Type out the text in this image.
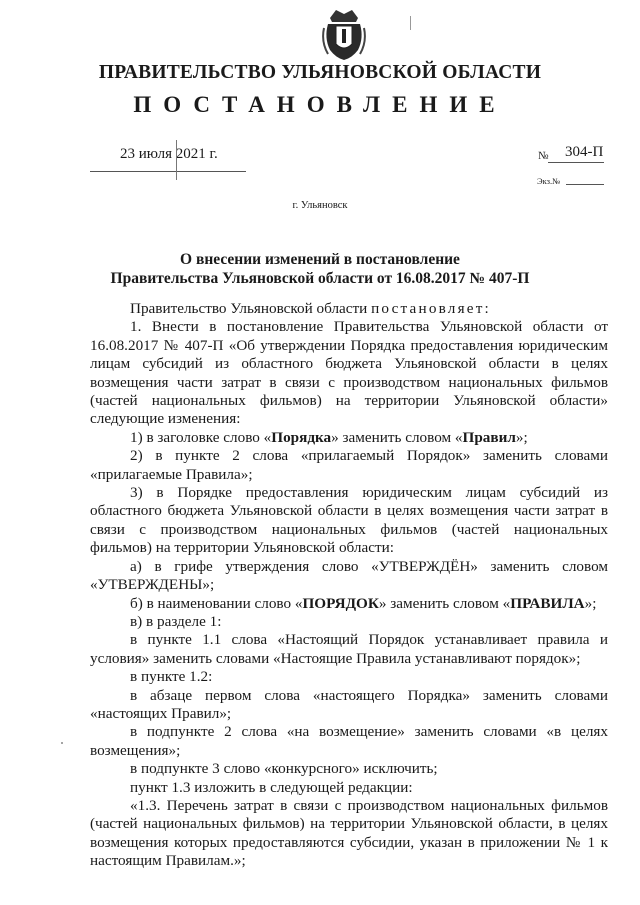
ПРАВИТЕЛЬСТВО УЛЬЯНОВСКОЙ ОБЛАСТИ
ПОСТАНОВЛЕНИЕ
23 июля 2021 г.	№ 304-П
Экз.№
г. Ульяновск
О внесении изменений в постановление
Правительства Ульяновской области от 16.08.2017 № 407-П

Правительство Ульяновской области постановляет:

1. Внести в постановление Правительства Ульяновской области от 16.08.2017 № 407-П «Об утверждении Порядка предоставления юридическим лицам субсидий из областного бюджета Ульяновской области в целях возмещения части затрат в связи с производством национальных фильмов (частей национальных фильмов) на территории Ульяновской области» следующие изменения:

1) в заголовке слово «Порядка» заменить словом «Правил»;

2) в пункте 2 слова «прилагаемый Порядок» заменить словами «прилагаемые Правила»;

3) в Порядке предоставления юридическим лицам субсидий из областного бюджета Ульяновской области в целях возмещения части затрат в связи с производством национальных фильмов (частей национальных фильмов) на территории Ульяновской области:

а) в грифе утверждения слово «УТВЕРЖДЁН» заменить словом «УТВЕРЖДЕНЫ»;

б) в наименовании слово «ПОРЯДОК» заменить словом «ПРАВИЛА»;

в) в разделе 1:

в пункте 1.1 слова «Настоящий Порядок устанавливает правила и условия» заменить словами «Настоящие Правила устанавливают порядок»;

в пункте 1.2:

в абзаце первом слова «настоящего Порядка» заменить словами «настоящих Правил»;

в подпункте 2 слова «на возмещение» заменить словами «в целях возмещения»;

в подпункте 3 слово «конкурсного» исключить;

пункт 1.3 изложить в следующей редакции:

«1.3. Перечень затрат в связи с производством национальных фильмов (частей национальных фильмов) на территории Ульяновской области, в целях возмещения которых предоставляются субсидии, указан в приложении № 1 к настоящим Правилам.»;
